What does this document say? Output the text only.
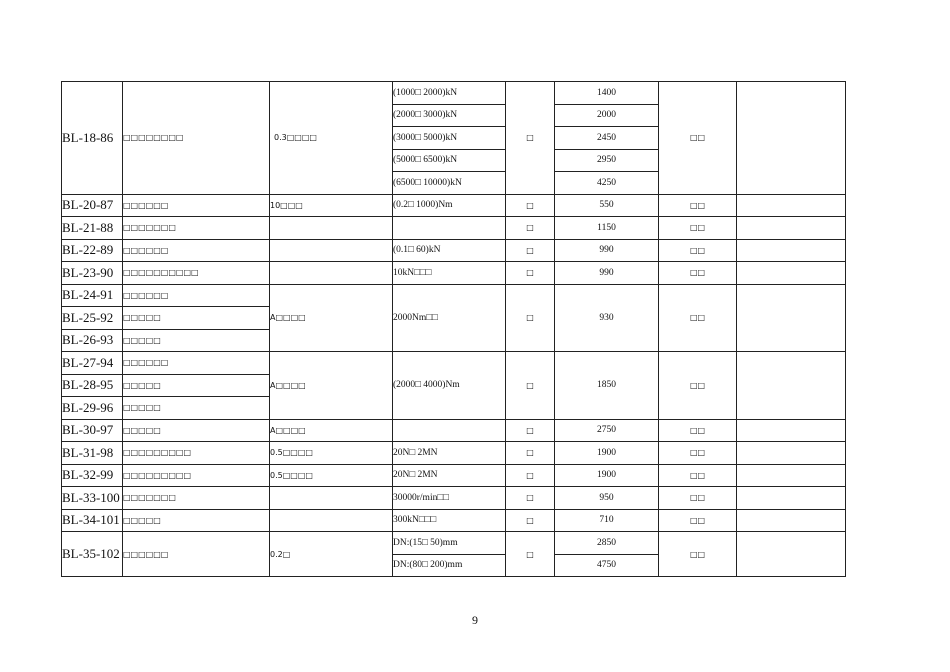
BL-18-86	□□□□□□□□	0.3□□□□	(1000□ 2000)kN	□	1400	□□	
			(2000□ 3000)kN		2000		
			(3000□ 5000)kN		2450		
			(5000□ 6500)kN		2950		
			(6500□ 10000)kN		4250		
BL-20-87	□□□□□□	10□□□	(0.2□ 1000)Nm	□	550	□□	
BL-21-88	□□□□□□□			□	1150	□□	
BL-22-89	□□□□□□		(0.1□ 60)kN	□	990	□□	
BL-23-90	□□□□□□□□□□		10kN□□□	□	990	□□	
BL-24-91	□□□□□□	A□□□□	2000Nm□□	□	930	□□	
BL-25-92	□□□□□						
BL-26-93	□□□□□						
BL-27-94	□□□□□□	A□□□□	(2000□ 4000)Nm	□	1850	□□	
BL-28-95	□□□□□						
BL-29-96	□□□□□						
BL-30-97	□□□□□	A□□□□		□	2750	□□	
BL-31-98	□□□□□□□□□	0.5□□□□	20N□ 2MN	□	1900	□□	
BL-32-99	□□□□□□□□□	0.5□□□□	20N□ 2MN	□	1900	□□	
BL-33-100	□□□□□□□		30000r/min□□	□	950	□□	
BL-34-101	□□□□□		300kN□□□	□	710	□□	
BL-35-102	□□□□□□	0.2□	DN:(15□ 50)mm	□	2850	□□	
			DN:(80□ 200)mm		4750		
9
